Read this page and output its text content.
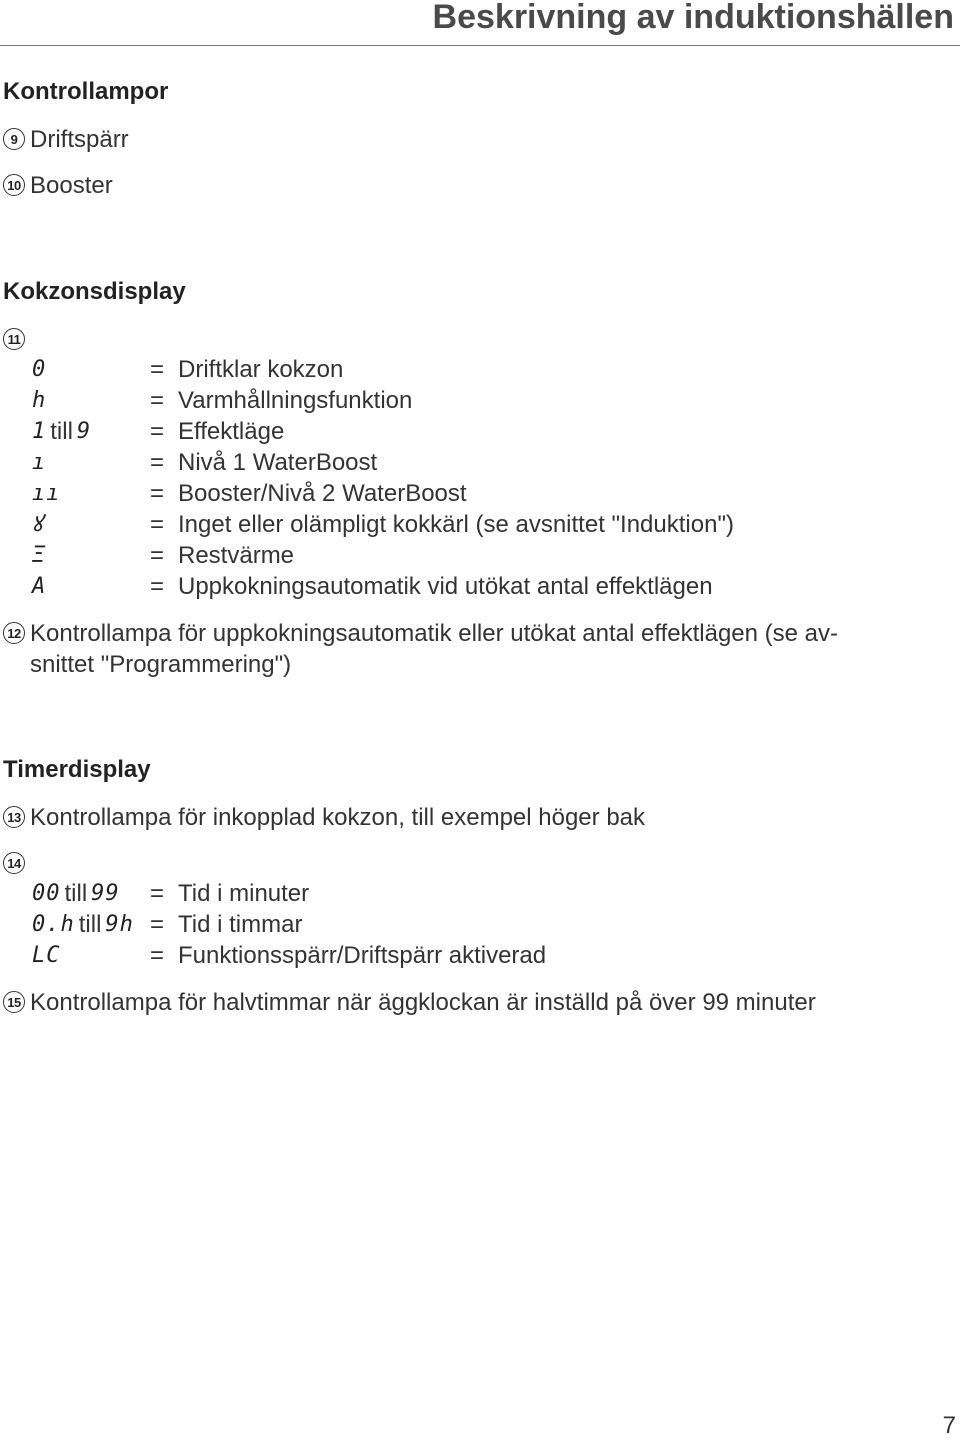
Beskrivning av induktionshällen
Kontrollampor
9 Driftspärr
10 Booster
Kokzonsdisplay
11
0	= Driftklar kokzon
h	= Varmhållningsfunktion
1 till 9 = Effektläge
ı	= Nivå 1 WaterBoost
ıı	= Booster/Nivå 2 WaterBoost
ꙋ	= Inget eller olämpligt kokkärl (se avsnittet "Induktion")
Ξ	= Restvärme
A	= Uppkokningsautomatik vid utökat antal effektlägen
12 Kontrollampa för uppkokningsautomatik eller utökat antal effektlägen (se av-
snittet "Programmering")
Timerdisplay
13 Kontrollampa för inkopplad kokzon, till exempel höger bak
14
00 till 99 = Tid i minuter
0.h till 9h = Tid i timmar
LC	= Funktionsspärr/Driftspärr aktiverad
15 Kontrollampa för halvtimmar när äggklockan är inställd på över 99 minuter
7
